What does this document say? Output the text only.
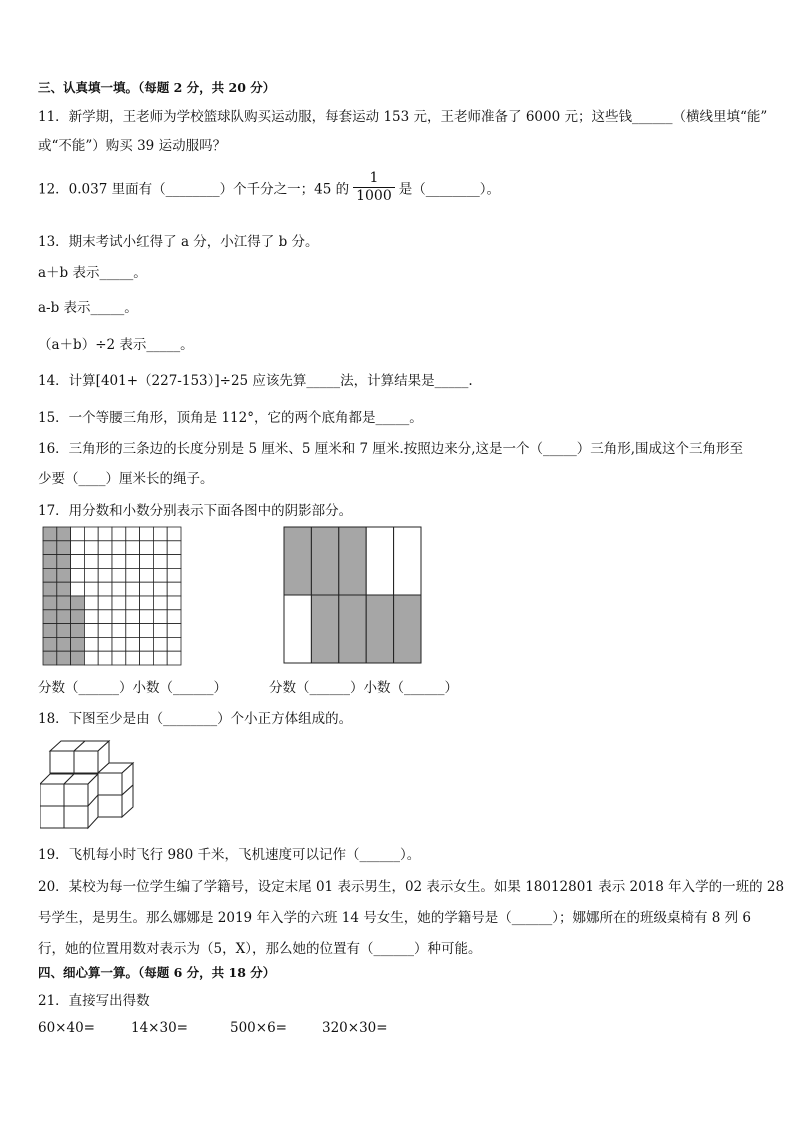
三、认真填一填。（每题 2 分，共 20 分）
11．新学期，王老师为学校篮球队购买运动服，每套运动 153 元，王老师准备了 6000 元；这些钱______（横线里填“能”
或“不能”）购买 39 运动服吗？
12．0.037 里面有（________）个千分之一；45 的 $\frac{1}{1000}$ 是（________）。
13．期末考试小红得了 a 分，小江得了 b 分。
a＋b 表示_____。
a-b 表示_____。
（a＋b）÷2 表示_____。
14．计算[401+（227-153）]÷25 应该先算_____法，计算结果是_____.
15．一个等腰三角形，顶角是 112°，它的两个底角都是_____。
16．三角形的三条边的长度分别是 5 厘米、5 厘米和 7 厘米.按照边来分,这是一个（_____）三角形,围成这个三角形至
少要（____）厘米长的绳子。
17．用分数和小数分别表示下面各图中的阴影部分。
分数（______）小数（______）	分数（______）小数（______）
18．下图至少是由（________）个小正方体组成的。
19．飞机每小时飞行 980 千米，飞机速度可以记作（______）。
20．某校为每一位学生编了学籍号，设定末尾 01 表示男生，02 表示女生。如果 18012801 表示 2018 年入学的一班的 28
号学生，是男生。那么娜娜是 2019 年入学的六班 14 号女生，她的学籍号是（______）；娜娜所在的班级桌椅有 8 列 6
行，她的位置用数对表示为（5，X），那么她的位置有（______）种可能。
四、细心算一算。（每题 6 分，共 18 分）
21．直接写出得数
60×40=	14×30=	500×6=	320×30=
